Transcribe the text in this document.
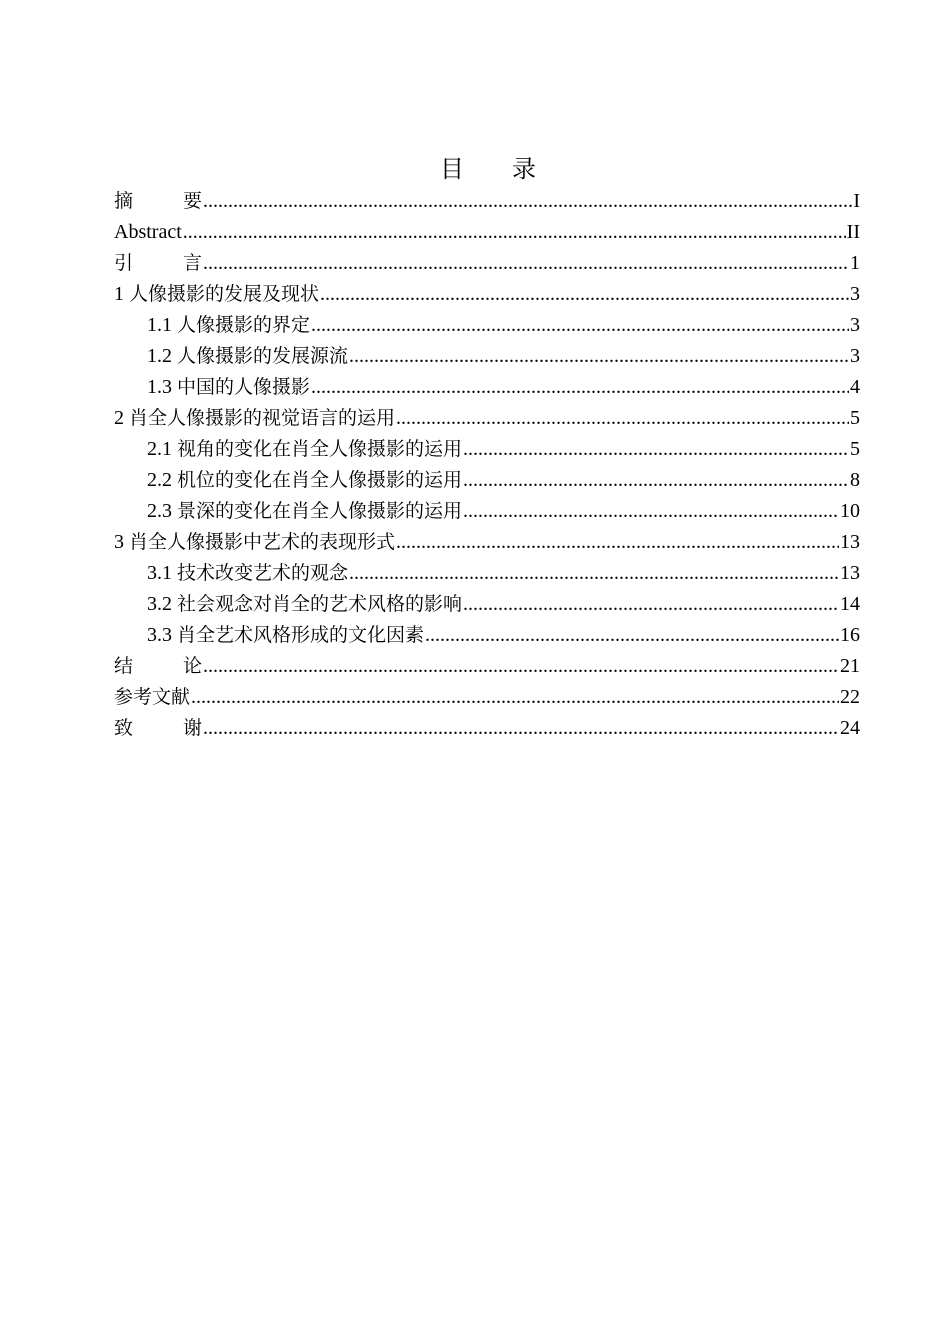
目 录
摘	要 .....	I
Abstract .....	II
引	言 .....	1
1 人像摄影的发展及现状 .....	3
1.1 人像摄影的界定 .....	3
1.2 人像摄影的发展源流 .....	3
1.3 中国的人像摄影 .....	4
2 肖全人像摄影的视觉语言的运用 .....	5
2.1 视角的变化在肖全人像摄影的运用 .....	5
2.2 机位的变化在肖全人像摄影的运用 .....	8
2.3 景深的变化在肖全人像摄影的运用 .....	10
3 肖全人像摄影中艺术的表现形式 .....	13
3.1 技术改变艺术的观念 .....	13
3.2 社会观念对肖全的艺术风格的影响 .....	14
3.3 肖全艺术风格形成的文化因素 .....	16
结	论 .....	21
参考文献 .....	22
致	谢 .....	24
